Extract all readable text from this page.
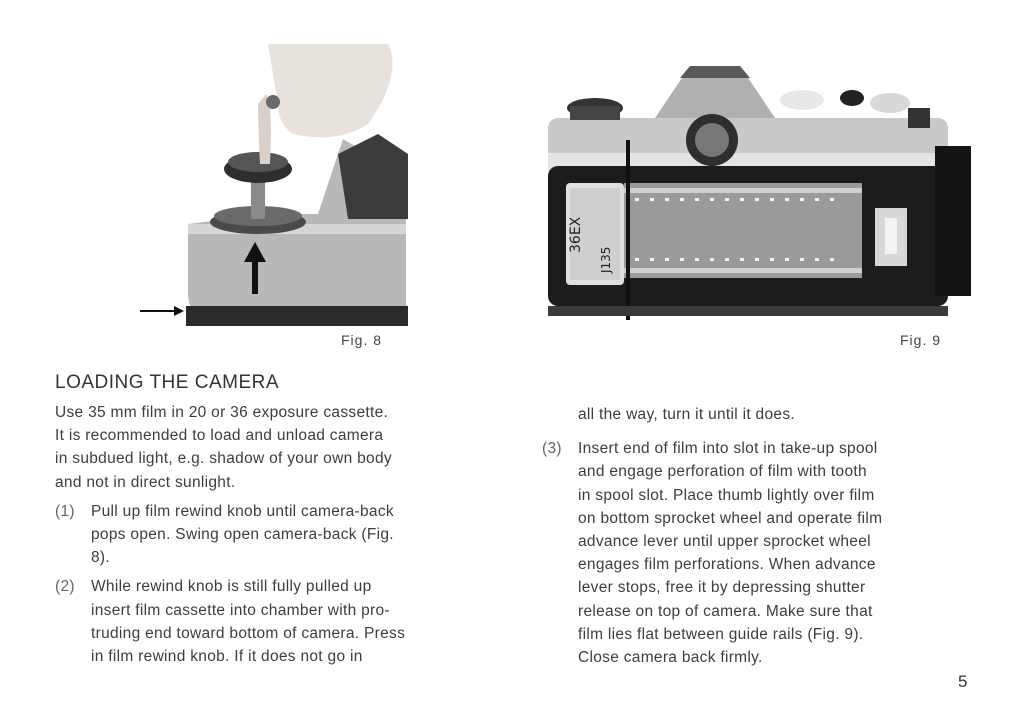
Fig. 8
36EX
J135
Fig. 9
LOADING THE CAMERA

Use 35 mm film in 20 or 36 exposure cassette.
It is recommended to load and unload camera
in subdued light, e.g. shadow of your own body
and not in direct sunlight.

(1) Pull up film rewind knob until camera-back
pops open. Swing open camera-back (Fig.
8).
(2) While rewind knob is still fully pulled up
insert film cassette into chamber with pro-
truding end toward bottom of camera. Press
in film rewind knob. If it does not go in
all the way, turn it until it does.
(3) Insert end of film into slot in take-up spool
and engage perforation of film with tooth
in spool slot. Place thumb lightly over film
on bottom sprocket wheel and operate film
advance lever until upper sprocket wheel
engages film perforations. When advance
lever stops, free it by depressing shutter
release on top of camera. Make sure that
film lies flat between guide rails (Fig. 9).
Close camera back firmly.
5
